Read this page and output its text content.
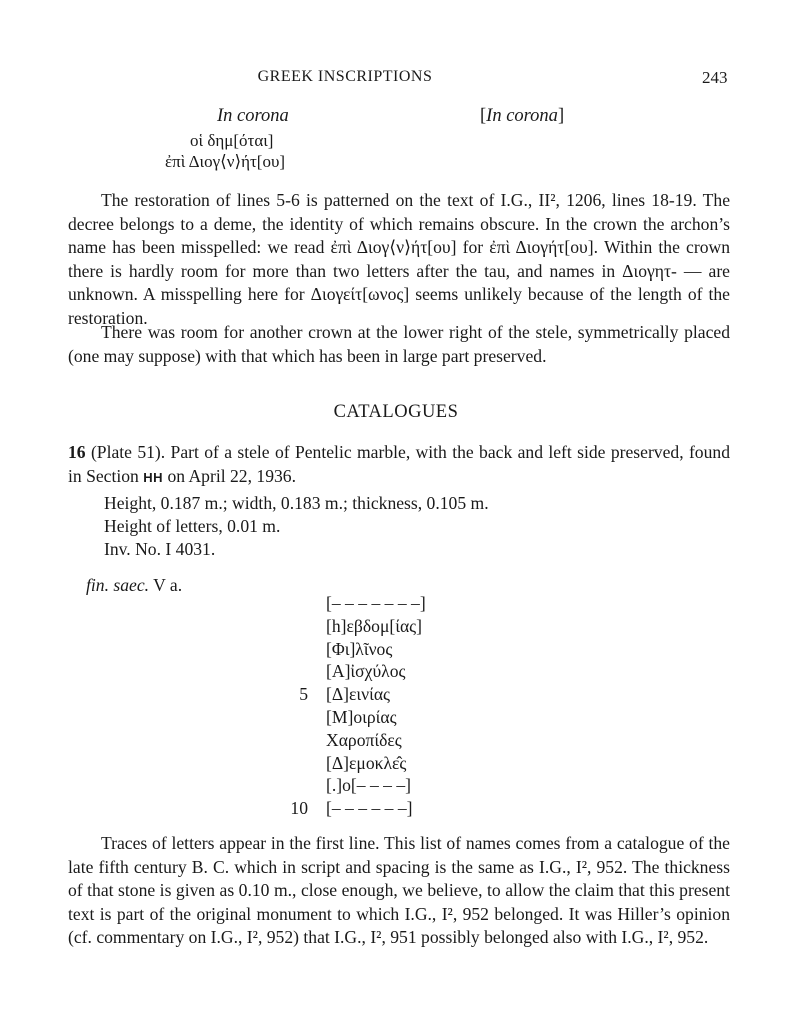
GREEK INSCRIPTIONS	243
In corona	[In corona]
οἱ δημ[όται]
ἐπὶ Διογ⟨ν⟩ήτ[ου]

The restoration of lines 5-6 is patterned on the text of I.G., II², 1206, lines 18-19. The decree belongs to a deme, the identity of which remains obscure. In the crown the archon’s name has been misspelled: we read ἐπὶ Διογ⟨ν⟩ήτ[ου] for ἐπὶ Διογήτ[ου]. Within the crown there is hardly room for more than two letters after the tau, and names in Διογητ- — are unknown. A misspelling here for Διογείτ[ωνος] seems unlikely because of the length of the restoration.

There was room for another crown at the lower right of the stele, symmetrically placed (one may suppose) with that which has been in large part preserved.

CATALOGUES
16 (Plate 51). Part of a stele of Pentelic marble, with the back and left side preserved, found in Section HH on April 22, 1936.
Height, 0.187 m.; width, 0.183 m.; thickness, 0.105 m.
Height of letters, 0.01 m.
Inv. No. I 4031.
fin. saec. V a.
[– – – – – – –]
[h]εβδομ[ίας]
[Φι]λῖνος
[Α]ἰσχύλος
5 [Δ]εινίας
[Μ]οιρίας
Χαροπίδες
[Δ]εμοκλε̂ς
[.]ο[– – – –]
10 [– – – – – –]

Traces of letters appear in the first line. This list of names comes from a catalogue of the late fifth century B. C. which in script and spacing is the same as I.G., I², 952. The thickness of that stone is given as 0.10 m., close enough, we believe, to allow the claim that this present text is part of the original monument to which I.G., I², 952 belonged. It was Hiller’s opinion (cf. commentary on I.G., I², 952) that I.G., I², 951 possibly belonged also with I.G., I², 952.
